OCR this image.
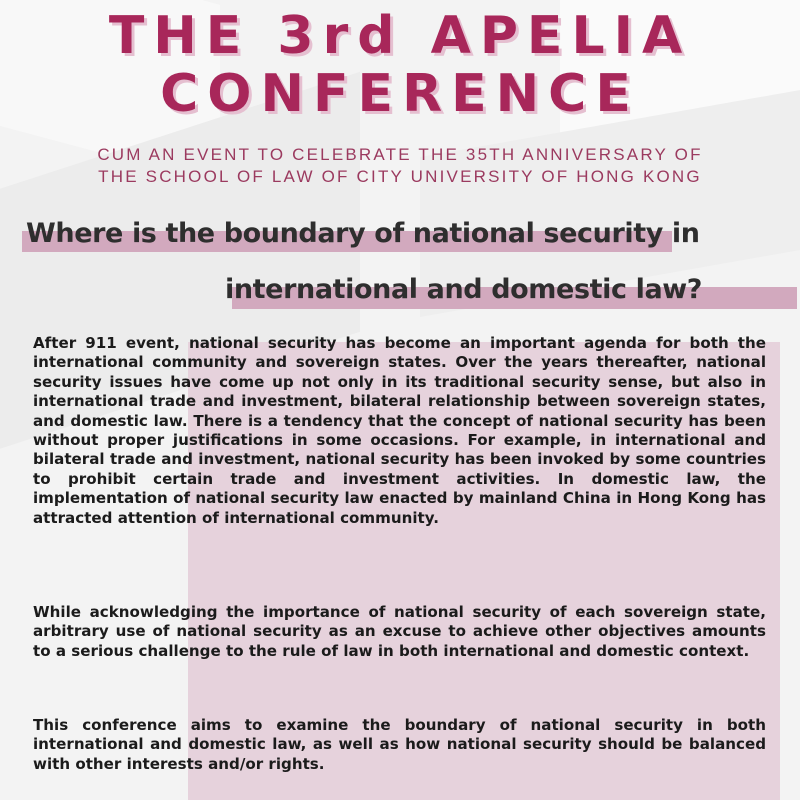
THE 3rd APELIA
CONFERENCE
CUM AN EVENT TO CELEBRATE THE 35TH ANNIVERSARY OF
THE SCHOOL OF LAW OF CITY UNIVERSITY OF HONG KONG
Where is the boundary of national security in
international and domestic law?

After 911 event, national security has become an important agenda for both the international community and sovereign states. Over the years thereafter, national security issues have come up not only in its traditional security sense, but also in international trade and investment, bilateral relationship between sovereign states, and domestic law. There is a tendency that the concept of national security has been without proper justifications in some occasions. For example, in international and bilateral trade and investment, national security has been invoked by some countries to prohibit certain trade and investment activities. In domestic law, the implementation of national security law enacted by mainland China in Hong Kong has attracted attention of international community.

While acknowledging the importance of national security of each sovereign state, arbitrary use of national security as an excuse to achieve other objectives amounts to a serious challenge to the rule of law in both international and domestic context.

This conference aims to examine the boundary of national security in both international and domestic law, as well as how national security should be balanced with other interests and/or rights.
